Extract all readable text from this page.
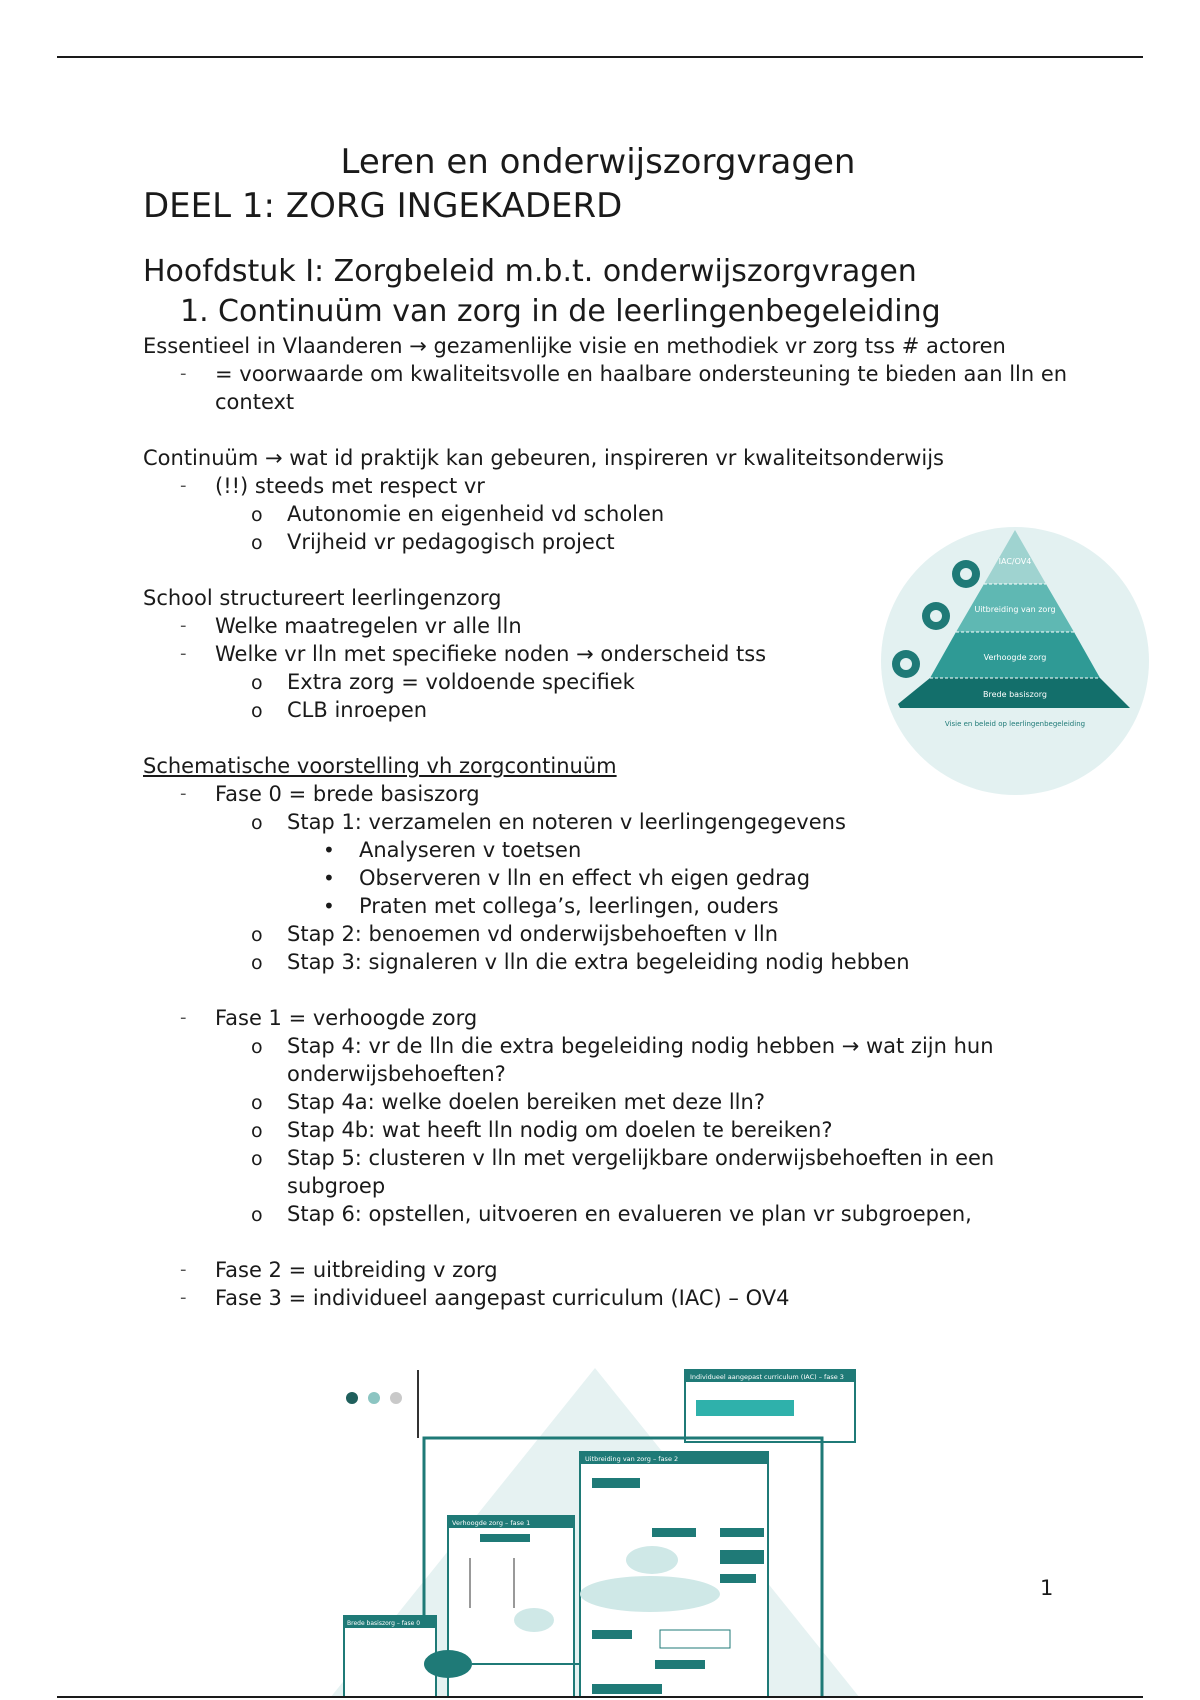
Leren en onderwijszorgvragen
DEEL 1: ZORG INGEKADERD
Hoofdstuk I: Zorgbeleid m.b.t. onderwijszorgvragen
1. Continuüm van zorg in de leerlingenbegeleiding

Essentieel in Vlaanderen → gezamenlijke visie en methodiek vr zorg tss # actoren

- = voorwaarde om kwaliteitsvolle en haalbare ondersteuning te bieden aan lln en context

Continuüm → wat id praktijk kan gebeuren, inspireren vr kwaliteitsonderwijs

- (!!) steeds met respect vr
o Autonomie en eigenheid vd scholen
o Vrijheid vr pedagogisch project

School structureert leerlingenzorg

- Welke maatregelen vr alle lln
- Welke vr lln met specifieke noden → onderscheid tss
o Extra zorg = voldoende specifiek
o CLB inroepen

Schematische voorstelling vh zorgcontinuüm

- Fase 0 = brede basiszorg
o Stap 1: verzamelen en noteren v leerlingengegevens
• Analyseren v toetsen
• Observeren v lln en effect vh eigen gedrag
• Praten met collega’s, leerlingen, ouders
o Stap 2: benoemen vd onderwijsbehoeften v lln
o Stap 3: signaleren v lln die extra begeleiding nodig hebben
- Fase 1 = verhoogde zorg
o Stap 4: vr de lln die extra begeleiding nodig hebben → wat zijn hun onderwijsbehoeften?
o Stap 4a: welke doelen bereiken met deze lln?
o Stap 4b: wat heeft lln nodig om doelen te bereiken?
o Stap 5: clusteren v lln met vergelijkbare onderwijsbehoeften in een subgroep
o Stap 6: opstellen, uitvoeren en evalueren ve plan vr subgroepen,
- Fase 2 = uitbreiding v zorg
- Fase 3 = individueel aangepast curriculum (IAC) – OV4
IAC/OV4
Uitbreiding van zorg
Verhoogde zorg
Brede basiszorg
Visie en beleid op leerlingenbegeleiding
Individueel aangepast curriculum (IAC) – fase 3
Uitbreiding van zorg – fase 2
Verhoogde zorg – fase 1
Brede basiszorg – fase 0
1
